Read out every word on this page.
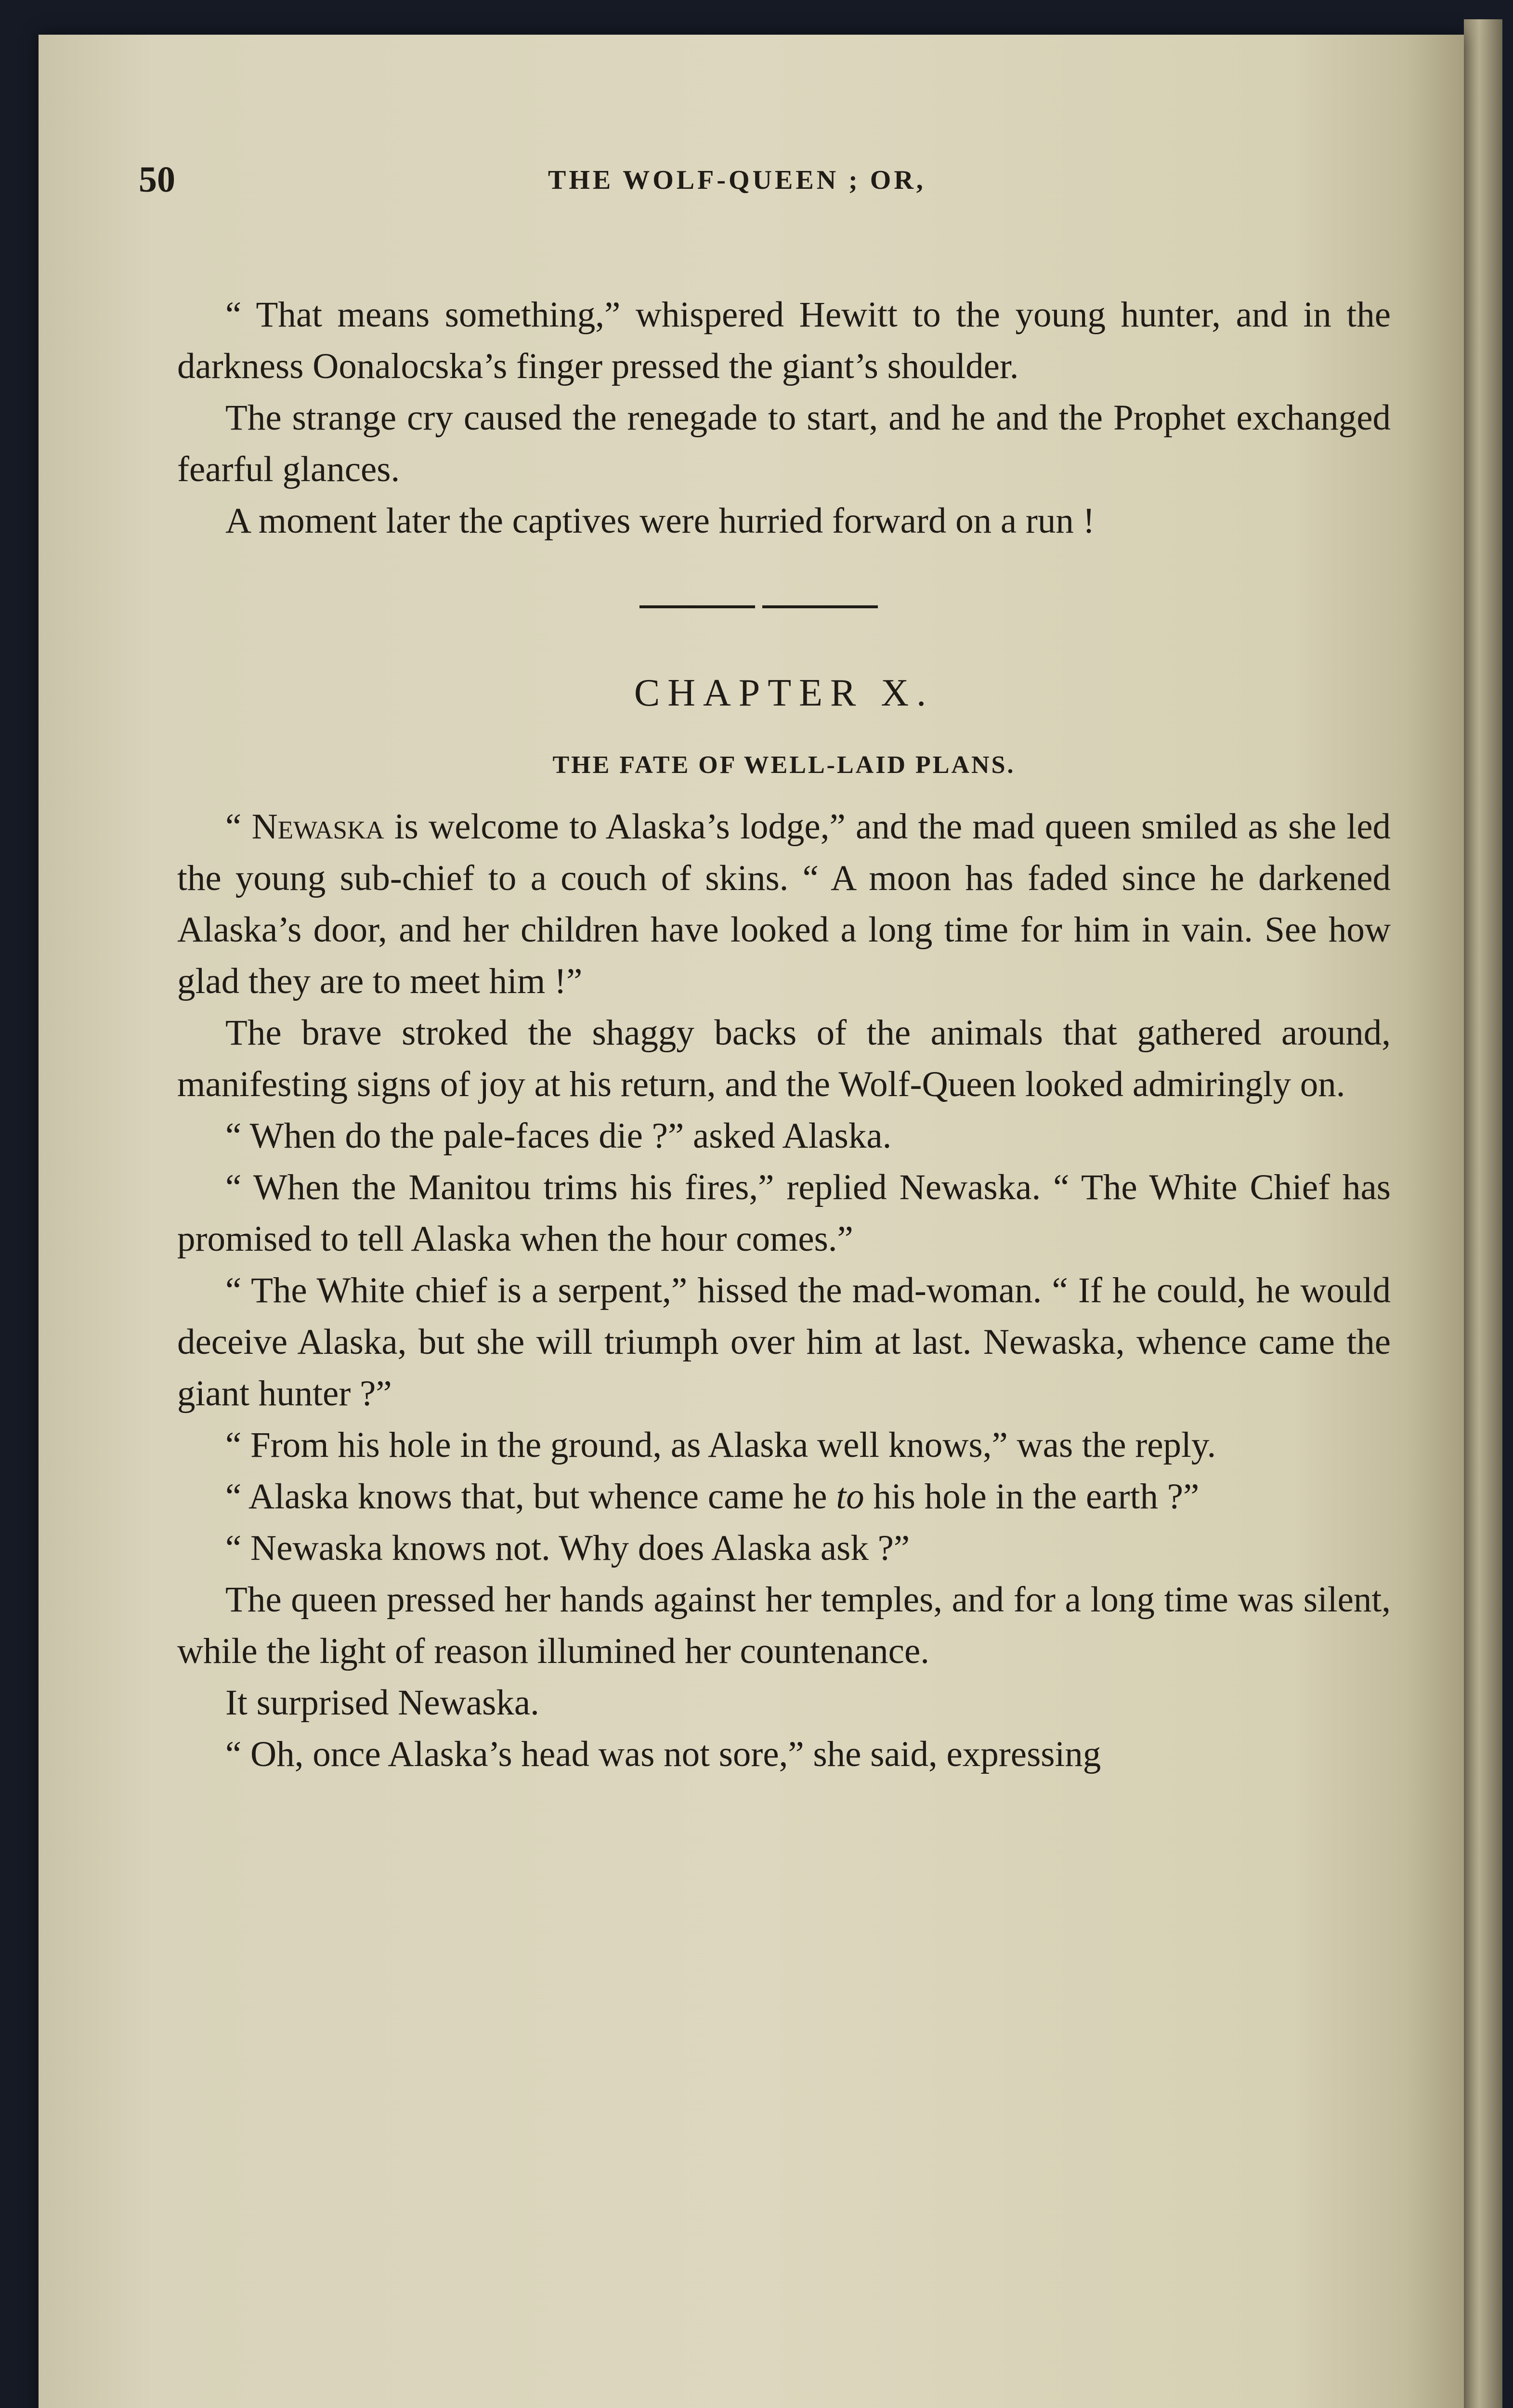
50	THE WOLF-QUEEN ; OR,

“ That means something,” whispered Hewitt to the young hunter, and in the darkness Oonalocska’s finger pressed the giant’s shoulder.

The strange cry caused the renegade to start, and he and the Prophet exchanged fearful glances.

A moment later the captives were hurried forward on a run !

CHAPTER X.
THE FATE OF WELL-LAID PLANS.

“ Newaska is welcome to Alaska’s lodge,” and the mad queen smiled as she led the young sub-chief to a couch of skins. “ A moon has faded since he darkened Alaska’s door, and her children have looked a long time for him in vain. See how glad they are to meet him !”

The brave stroked the shaggy backs of the animals that gathered around, manifesting signs of joy at his return, and the Wolf-Queen looked admiringly on.

“ When do the pale-faces die ?” asked Alaska.

“ When the Manitou trims his fires,” replied Newaska. “ The White Chief has promised to tell Alaska when the hour comes.”

“ The White chief is a serpent,” hissed the mad-woman. “ If he could, he would deceive Alaska, but she will triumph over him at last. Newaska, whence came the giant hunter ?”

“ From his hole in the ground, as Alaska well knows,” was the reply.

“ Alaska knows that, but whence came he to his hole in the earth ?”

“ Newaska knows not. Why does Alaska ask ?”

The queen pressed her hands against her temples, and for a long time was silent, while the light of reason illumined her countenance.

It surprised Newaska.

“ Oh, once Alaska’s head was not sore,” she said, expressing
